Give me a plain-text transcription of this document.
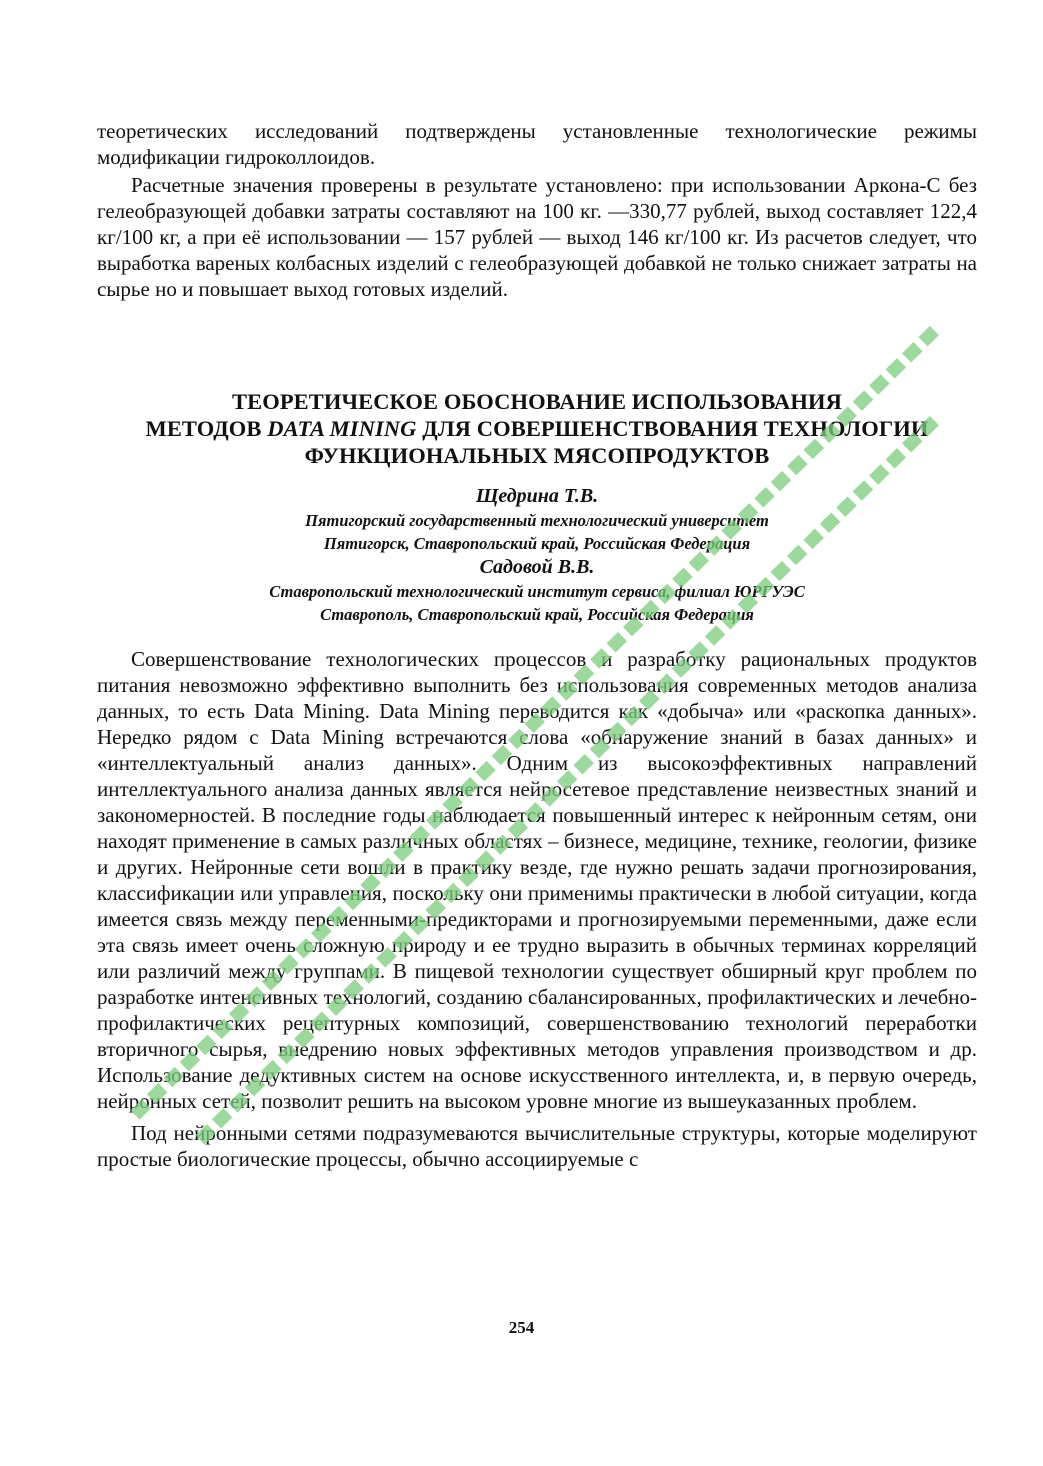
теоретических исследований подтверждены установленные технологические режимы модификации гидроколлоидов.

Расчетные значения проверены в результате установлено: при использовании Аркона-С без гелеобразующей добавки затраты составляют на 100 кг. —330,77 рублей, выход составляет 122,4 кг/100 кг, а при её использовании — 157 рублей — выход 146 кг/100 кг. Из расчетов следует, что выработка вареных колбасных изделий с гелеобразующей добавкой не только снижает затраты на сырье но и повышает выход готовых изделий.

ТЕОРЕТИЧЕСКОЕ ОБОСНОВАНИЕ ИСПОЛЬЗОВАНИЯ
МЕТОДОВ DATA MINING ДЛЯ СОВЕРШЕНСТВОВАНИЯ ТЕХНОЛОГИИ
ФУНКЦИОНАЛЬНЫХ МЯСОПРОДУКТОВ
Щедрина Т.В.
Пятигорский государственный технологический университет
Пятигорск, Ставропольский край, Российская Федерация
Садовой В.В.
Ставропольский технологический институт сервиса, филиал ЮРГУЭС
Ставрополь, Ставропольский край, Российская Федерация

Совершенствование технологических процессов и разработку рациональных продуктов питания невозможно эффективно выполнить без использования современных методов анализа данных, то есть Data Mining. Data Mining переводится как «добыча» или «раскопка данных». Нередко рядом с Data Mining встречаются слова «обнаружение знаний в базах данных» и «интеллектуальный анализ данных». Одним из высокоэффективных направлений интеллектуального анализа данных является нейросетевое представление неизвестных знаний и закономерностей. В последние годы наблюдается повышенный интерес к нейронным сетям, они находят применение в самых различных областях – бизнесе, медицине, технике, геологии, физике и других. Нейронные сети вошли в практику везде, где нужно решать задачи прогнозирования, классификации или управления, поскольку они применимы практически в любой ситуации, когда имеется связь между переменными-предикторами и прогнозируемыми переменными, даже если эта связь имеет очень сложную природу и ее трудно выразить в обычных терминах корреляций или различий между группами. В пищевой технологии существует обширный круг проблем по разработке интенсивных технологий, созданию сбалансированных, профилактических и лечебно-профилактических рецептурных композиций, совершенствованию технологий переработки вторичного сырья, внедрению новых эффективных методов управления производством и др. Использование дедуктивных систем на основе искусственного интеллекта, и, в первую очередь, нейронных сетей, позволит решить на высоком уровне многие из вышеуказанных проблем.

Под нейронными сетями подразумеваются вычислительные структуры, которые моделируют простые биологические процессы, обычно ассоциируемые с

254
